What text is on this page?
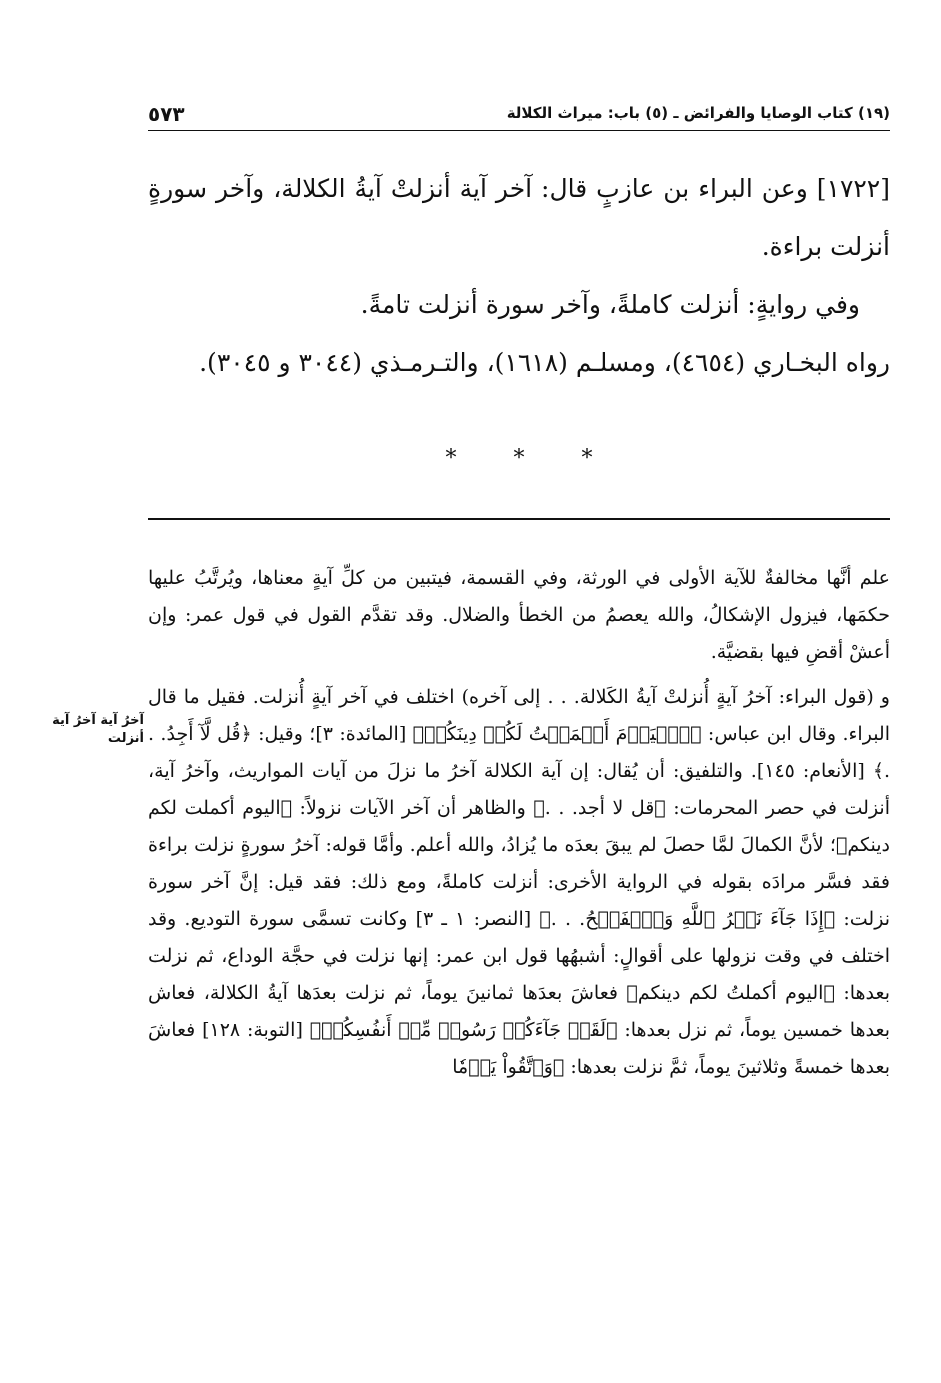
٥٧٣	(١٩) كتاب الوصايا والفرائض ـ (٥) باب: ميراث الكلالة

[١٧٢٢] وعن البراء بن عازبٍ قال: آخر آية أنزلتْ آيةُ الكلالة، وآخر سورةٍ أنزلت براءة.

وفي روايةٍ: أنزلت كاملةً، وآخر سورة أنزلت تامةً.

رواه البخـاري (٤٦٥٤)، ومسلـم (١٦١٨)، والتـرمـذي (٣٠٤٤ و ٣٠٤٥).

* * *

علم أنَّها مخالفةٌ للآية الأولى في الورثة، وفي القسمة، فيتبين من كلِّ آيةٍ معناها، ويُرتَّبُ عليها حكمَها، فيزول الإشكالُ، والله يعصمُ من الخطأ والضلال. وقد تقدَّم القول في قول عمر: وإن أعشْ أقضِ فيها بقضيَّة.

و (قول البراء: آخرُ آيةٍ أُنزلتْ آيةُ الكَلالة. . . إلى آخره) اختلف في آخر آيةٍ أُنزلت. فقيل ما قال البراء. وقال ابن عباس: ﴿ٱلۡيَوۡمَ أَكۡمَلۡتُ لَكُمۡ دِينَكُمۡ﴾ [المائدة: ٣]؛ وقيل: ﴿قُل لَّآ أَجِدُ. . .﴾ [الأنعام: ١٤٥]. والتلفيق: أن يُقال: إن آية الكلالة آخرُ ما نزلَ من آيات المواريث، وآخرُ آية، أنزلت في حصر المحرمات: ﴿قل لا أجد. . .﴾ والظاهر أن آخر الآيات نزولاً: ﴿اليوم أكملت لكم دينكم﴾؛ لأنَّ الكمالَ لمَّا حصلَ لم يبقَ بعدَه ما يُزادُ، والله أعلم. وأمَّا قوله: آخرُ سورةٍ نزلت براءة فقد فسَّر مرادَه بقوله في الرواية الأخرى: أنزلت كاملةً، ومع ذلك: فقد قيل: إنَّ آخر سورة نزلت: ﴿إِذَا جَآءَ نَصۡرُ ٱللَّهِ وَٱلۡفَتۡحُ. . .﴾ [النصر: ١ ـ ٣] وكانت تسمَّى سورة التوديع. وقد اختلف في وقت نزولها على أقوالٍ: أشبهُها قول ابن عمر: إنها نزلت في حجَّة الوداع، ثم نزلت بعدها: ﴿اليوم أكملتُ لكم دينكم﴾ فعاشَ بعدَها ثمانينَ يوماً، ثم نزلت بعدَها آيةُ الكلالة، فعاش بعدها خمسين يوماً، ثم نزل بعدها: ﴿لَقَدۡ جَآءَكُمۡ رَسُولٞ مِّنۡ أَنفُسِكُمۡ﴾ [التوبة: ١٢٨] فعاشَ بعدها خمسةً وثلاثينَ يوماً، ثمَّ نزلت بعدها: ﴿وَٱتَّقُواْ يَوۡمٗا

آخرُ آية آخرُ آية أنزلت
